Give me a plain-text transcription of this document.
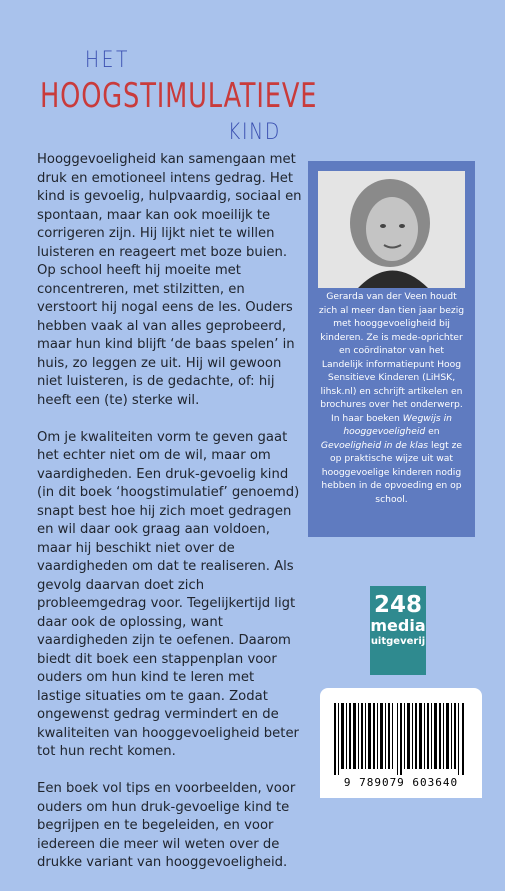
HET
HOOGSTIMULATIEVE
KIND

Hooggevoeligheid kan samengaan met druk en emotioneel intens gedrag. Het kind is gevoelig, hulpvaardig, sociaal en spontaan, maar kan ook moeilijk te corrigeren zijn. Hij lijkt niet te willen luisteren en reageert met boze buien. Op school heeft hij moeite met concentreren, met stilzitten, en verstoort hij nogal eens de les. Ouders hebben vaak al van alles geprobeerd, maar hun kind blijft ‘de baas spelen’ in huis, zo leggen ze uit. Hij wil gewoon niet luisteren, is de gedachte, of: hij heeft een (te) sterke wil.

Om je kwaliteiten vorm te geven gaat het echter niet om de wil, maar om vaardigheden. Een druk-gevoelig kind (in dit boek ‘hoogstimulatief’ genoemd) snapt best hoe hij zich moet gedragen en wil daar ook graag aan voldoen, maar hij beschikt niet over de vaardigheden om dat te realiseren. Als gevolg daarvan doet zich probleemgedrag voor. Tegelijkertijd ligt daar ook de oplossing, want vaardigheden zijn te oefenen. Daarom biedt dit boek een stappenplan voor ouders om hun kind te leren met lastige situaties om te gaan. Zodat ongewenst gedrag vermindert en de kwaliteiten van hooggevoeligheid beter tot hun recht komen.

Een boek vol tips en voorbeelden, voor ouders om hun druk-gevoelige kind te begrijpen en te begeleiden, en voor iedereen die meer wil weten over de drukke variant van hooggevoeligheid.

Gerarda van der Veen houdt zich al meer dan tien jaar bezig met hooggevoeligheid bij kinderen. Ze is mede-oprichter en coördinator van het Landelijk informatiepunt Hoog Sensitieve Kinderen (LiHSK, lihsk.nl) en schrijft artikelen en brochures over het onderwerp. In haar boeken Wegwijs in hooggevoeligheid en Gevoeligheid in de klas legt ze op praktische wijze uit wat hooggevoelige kinderen nodig hebben in de opvoeding en op school.
248
media
uitgeverij
9 789079 603640
